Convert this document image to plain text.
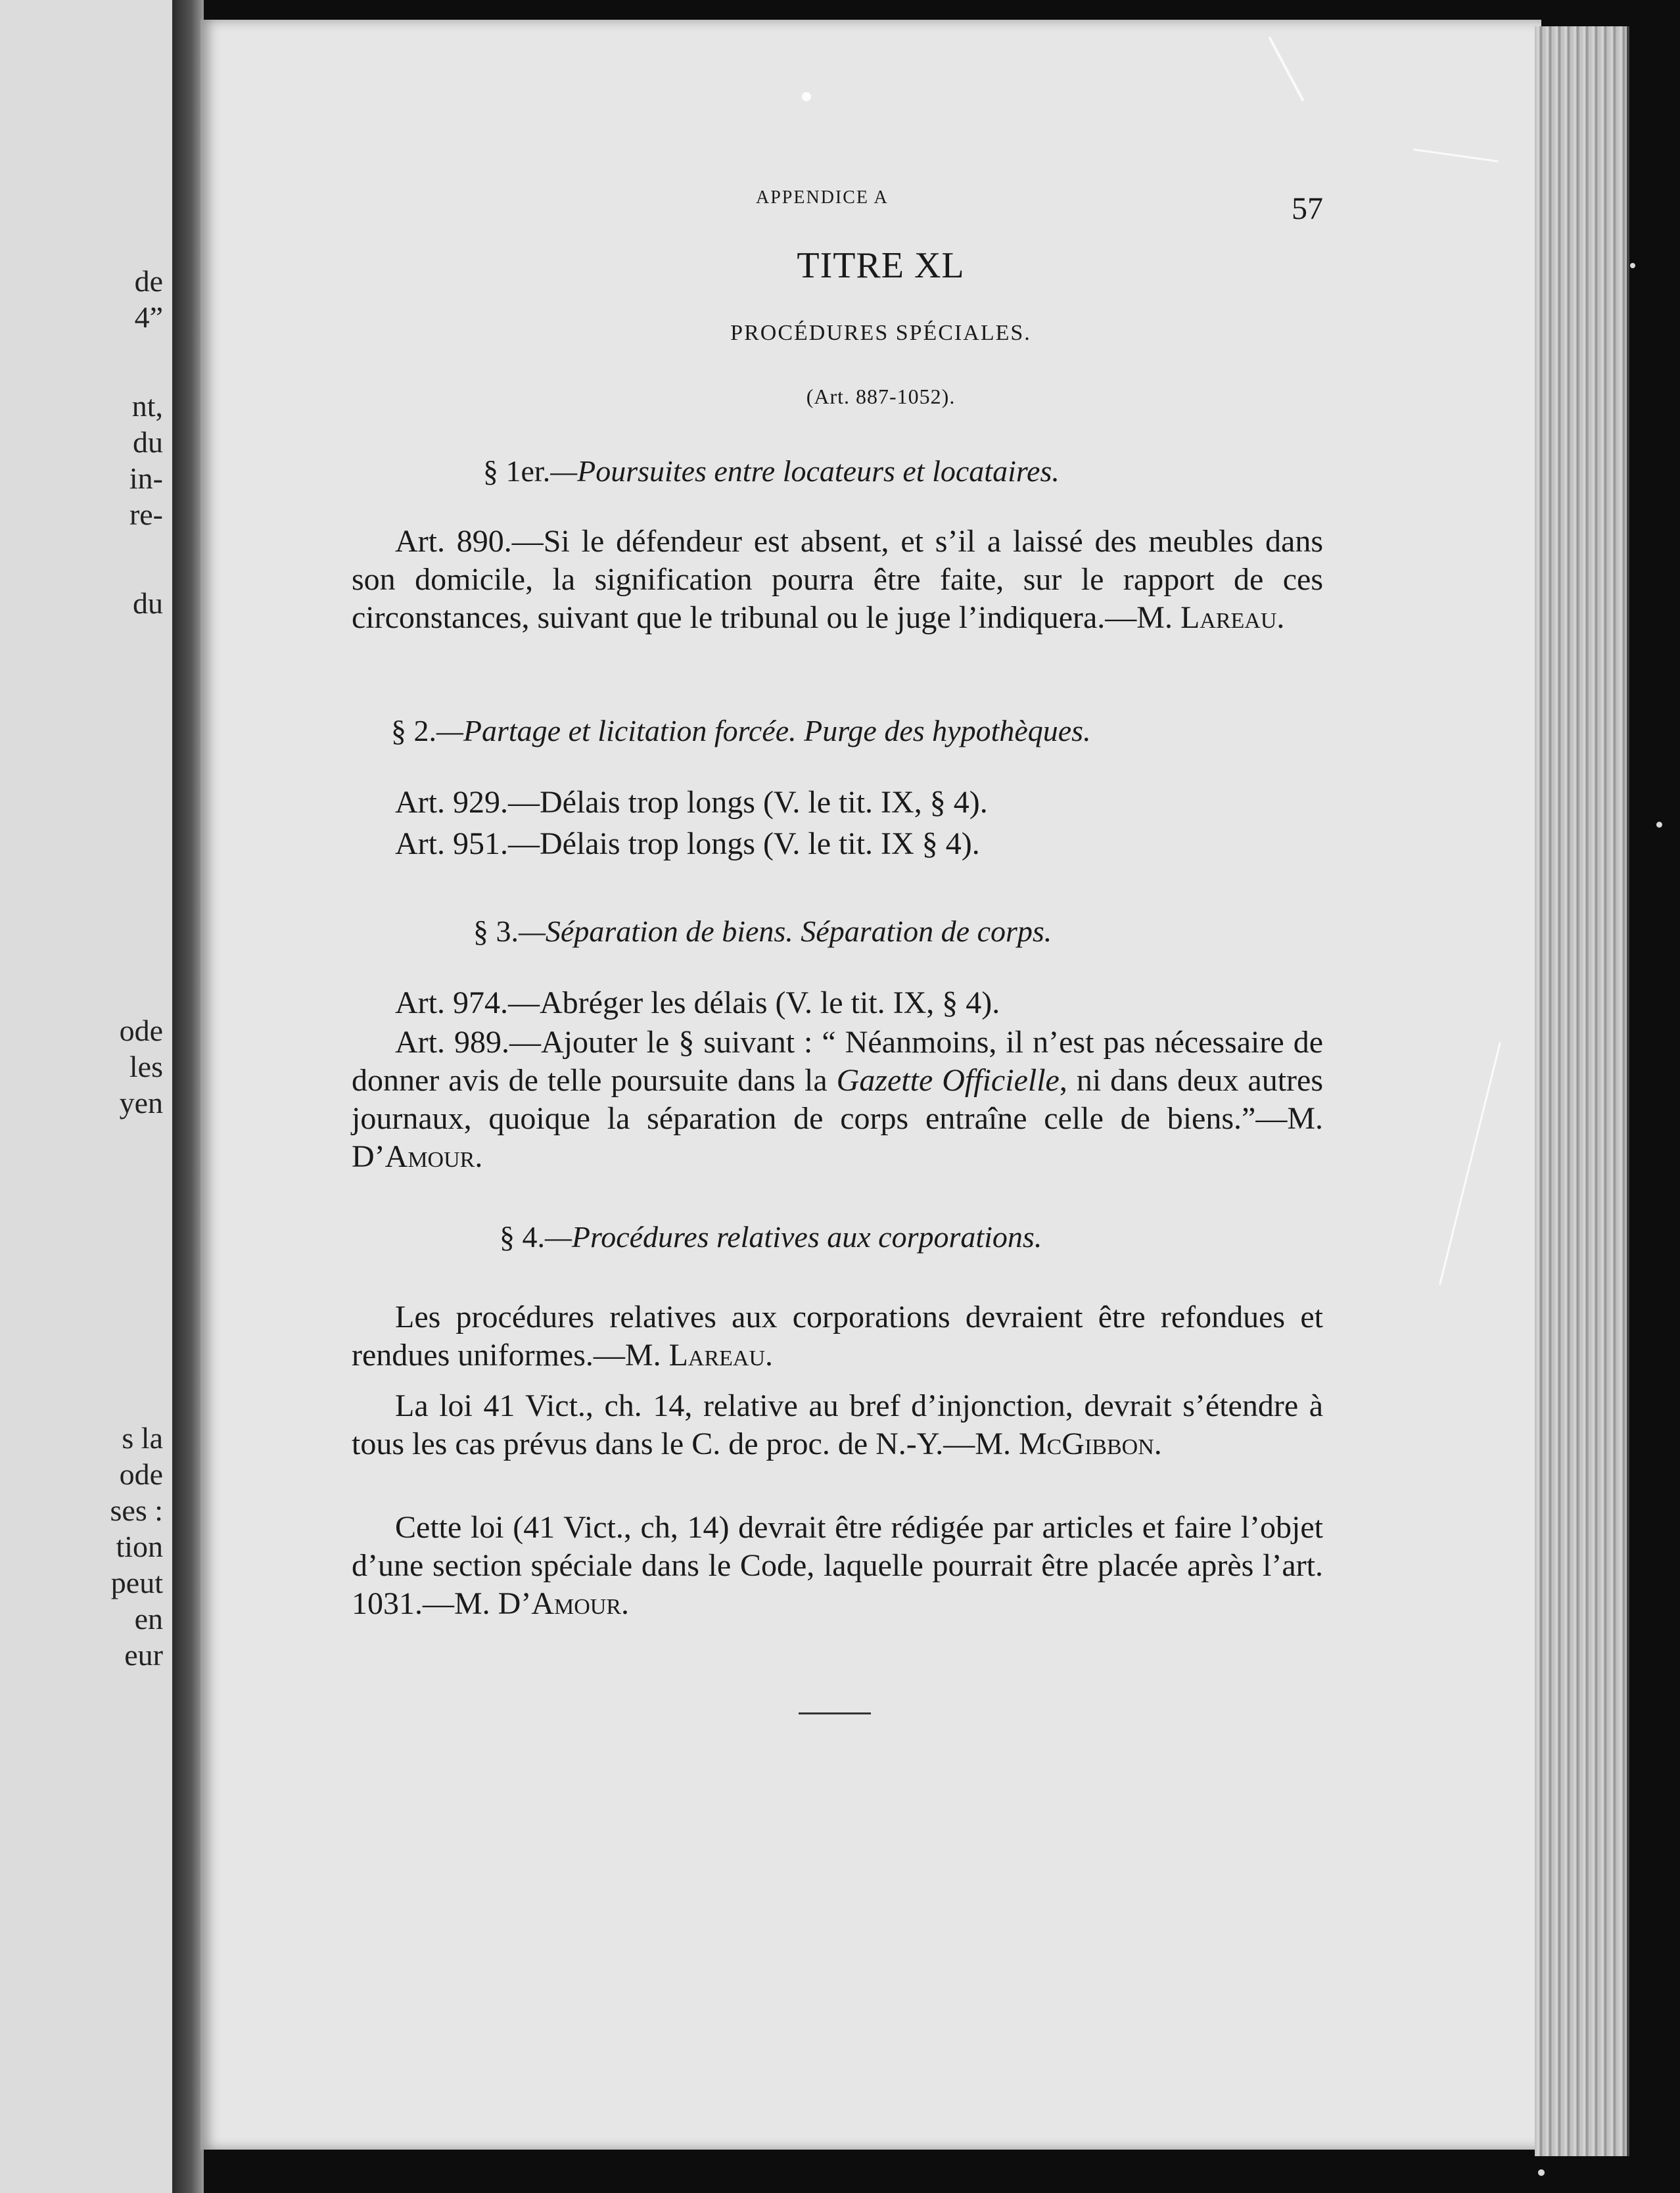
de
4”
nt,
du
in-
re-
du
ode
les
yen
s la
ode
ses :
tion
peut
en
eur
APPENDICE A	57
TITRE XL
PROCÉDURES SPÉCIALES.
(Art. 887-1052).
§ 1er.—Poursuites entre locateurs et locataires.
Art. 890.—Si le défendeur est absent, et s’il a laissé des meubles dans son domicile, la signification pourra être faite, sur le rapport de ces circonstances, suivant que le tribunal ou le juge l’indiquera.—M. Lareau.
§ 2.—Partage et licitation forcée. Purge des hypothèques.
Art. 929.—Délais trop longs (V. le tit. IX, § 4).
Art. 951.—Délais trop longs (V. le tit. IX § 4).
§ 3.—Séparation de biens. Séparation de corps.
Art. 974.—Abréger les délais (V. le tit. IX, § 4).
Art. 989.—Ajouter le § suivant : “ Néanmoins, il n’est pas nécessaire de donner avis de telle poursuite dans la Gazette Officielle, ni dans deux autres journaux, quoique la séparation de corps entraîne celle de biens.”—M. D’Amour.
§ 4.—Procédures relatives aux corporations.
Les procédures relatives aux corporations devraient être refondues et rendues uniformes.—M. Lareau.
La loi 41 Vict., ch. 14, relative au bref d’injonction, devrait s’étendre à tous les cas prévus dans le C. de proc. de N.-Y.—M. McGibbon.
Cette loi (41 Vict., ch, 14) devrait être rédigée par articles et faire l’objet d’une section spéciale dans le Code, laquelle pourrait être placée après l’art. 1031.—M. D’Amour.
